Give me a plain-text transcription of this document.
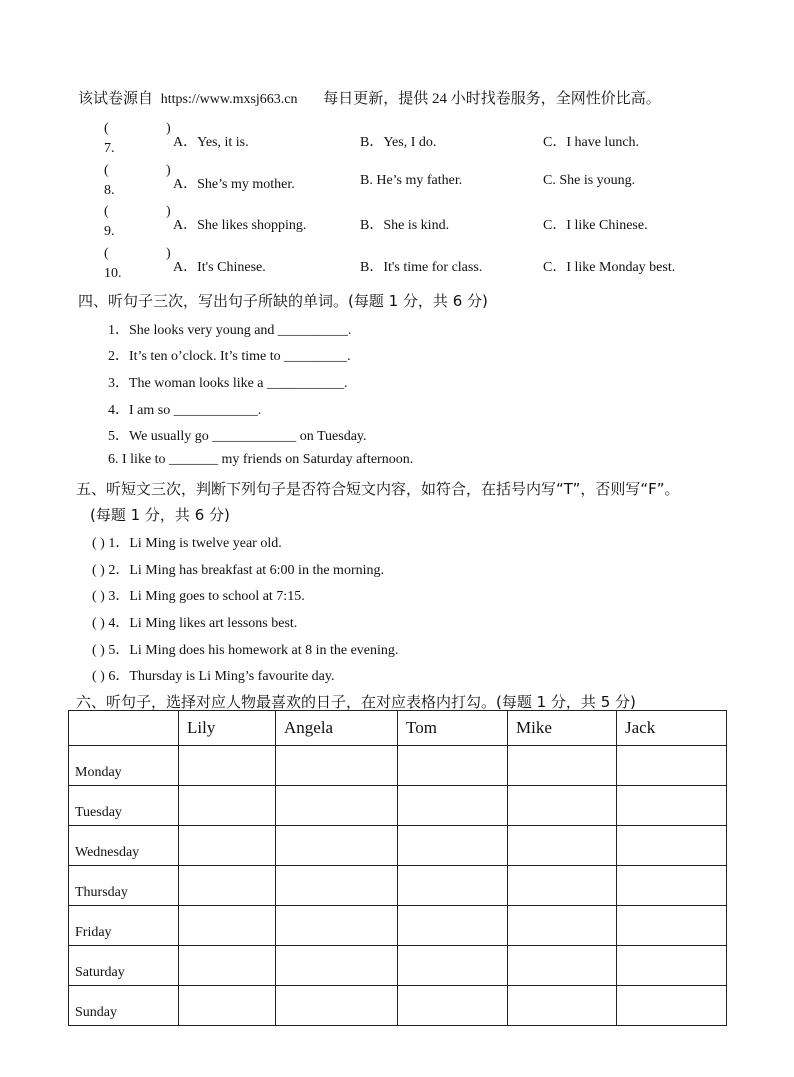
该试卷源自 https://www.mxsj663.cn 每日更新，提供 24 小时找卷服务，全网性价比高。
(	)
7.	A．Yes, it is.	B．Yes, I do.	C．I have lunch.
(	)
8.	A．She’s my mother.	B. He’s my father.	C. She is young.
(	)
9.	A．She likes shopping.	B．She is kind.	C．I like Chinese.
(	)
10.	A．It's Chinese.	B．It's time for class.	C．I like Monday best.
四、听句子三次，写出句子所缺的单词。(每题 1 分，共 6 分)
1．She looks very young and __________.
2．It’s ten o’clock. It’s time to _________.
3．The woman looks like a ___________.
4．I am so ____________.
5．We usually go ____________ on Tuesday.
6. I like to _______ my friends on Saturday afternoon.
五、听短文三次，判断下列句子是否符合短文内容，如符合，在括号内写“T”，否则写“F”。
(每题 1 分，共 6 分)
( ) 1．Li Ming is twelve year old.
( ) 2．Li Ming has breakfast at 6:00 in the morning.
( ) 3．Li Ming goes to school at 7:15.
( ) 4．Li Ming likes art lessons best.
( ) 5．Li Ming does his homework at 8 in the evening.
( ) 6．Thursday is Li Ming’s favourite day.
六、听句子，选择对应人物最喜欢的日子，在对应表格内打勾。(每题 1 分，共 5 分)
	Lily	Angela	Tom	Mike	Jack
Monday					
Tuesday					
Wednesday					
Thursday					
Friday					
Saturday					
Sunday					
